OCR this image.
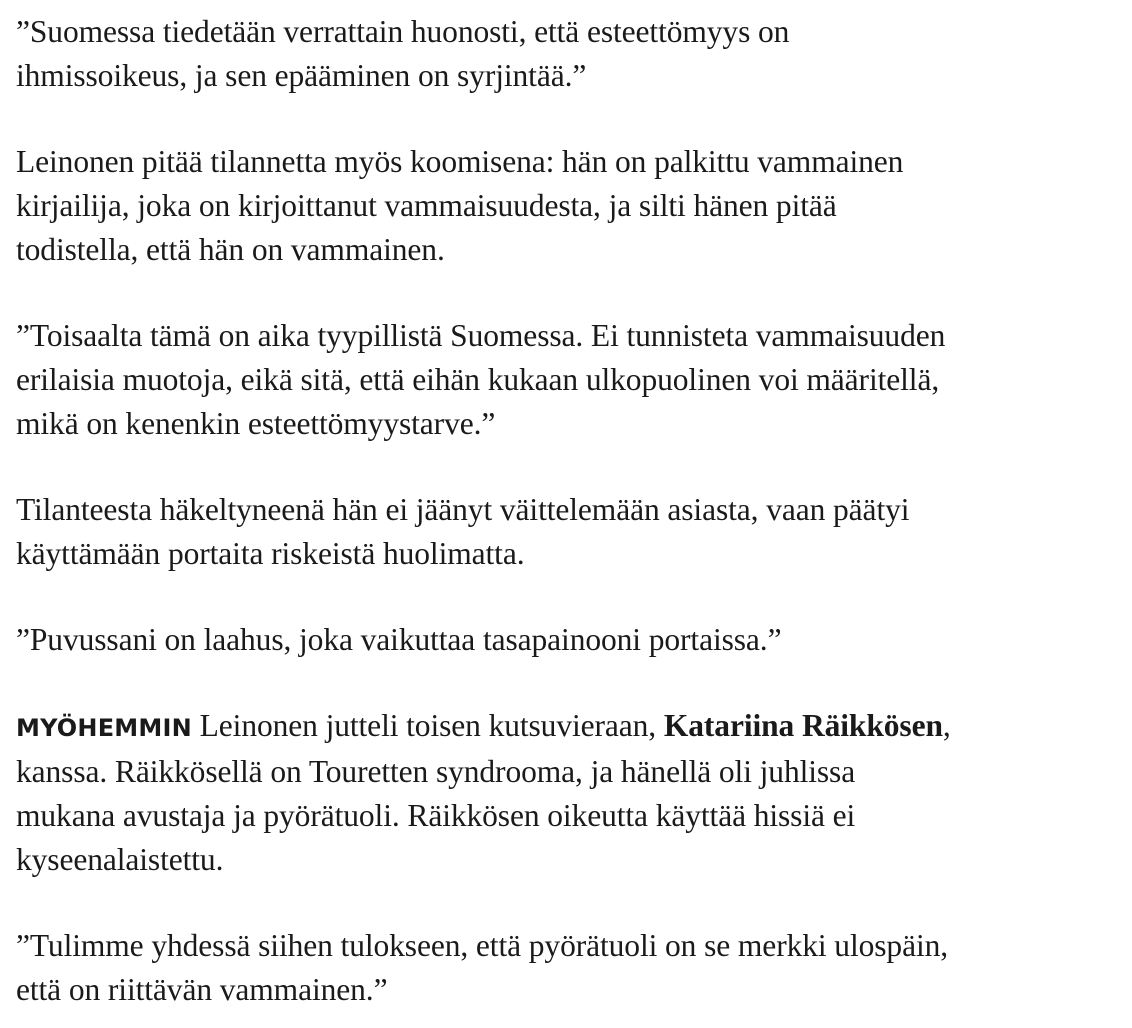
”Suomessa tiedetään verrattain huonosti, että esteettömyys on
ihmissoikeus, ja sen epääminen on syrjintää.”

Leinonen pitää tilannetta myös koomisena: hän on palkittu vammainen
kirjailija, joka on kirjoittanut vammaisuudesta, ja silti hänen pitää
todistella, että hän on vammainen.

”Toisaalta tämä on aika tyypillistä Suomessa. Ei tunnisteta vammaisuuden
erilaisia muotoja, eikä sitä, että eihän kukaan ulkopuolinen voi määritellä,
mikä on kenenkin esteettömyystarve.”

Tilanteesta häkeltyneenä hän ei jäänyt väittelemään asiasta, vaan päätyi
käyttämään portaita riskeistä huolimatta.

”Puvussani on laahus, joka vaikuttaa tasapainooni portaissa.”

MYÖHEMMIN Leinonen jutteli toisen kutsuvieraan, Katariina Räikkösen,
kanssa. Räikkösellä on Touretten syndrooma, ja hänellä oli juhlissa
mukana avustaja ja pyörätuoli. Räikkösen oikeutta käyttää hissiä ei
kyseenalaistettu.

”Tulimme yhdessä siihen tulokseen, että pyörätuoli on se merkki ulospäin,
että on riittävän vammainen.”
